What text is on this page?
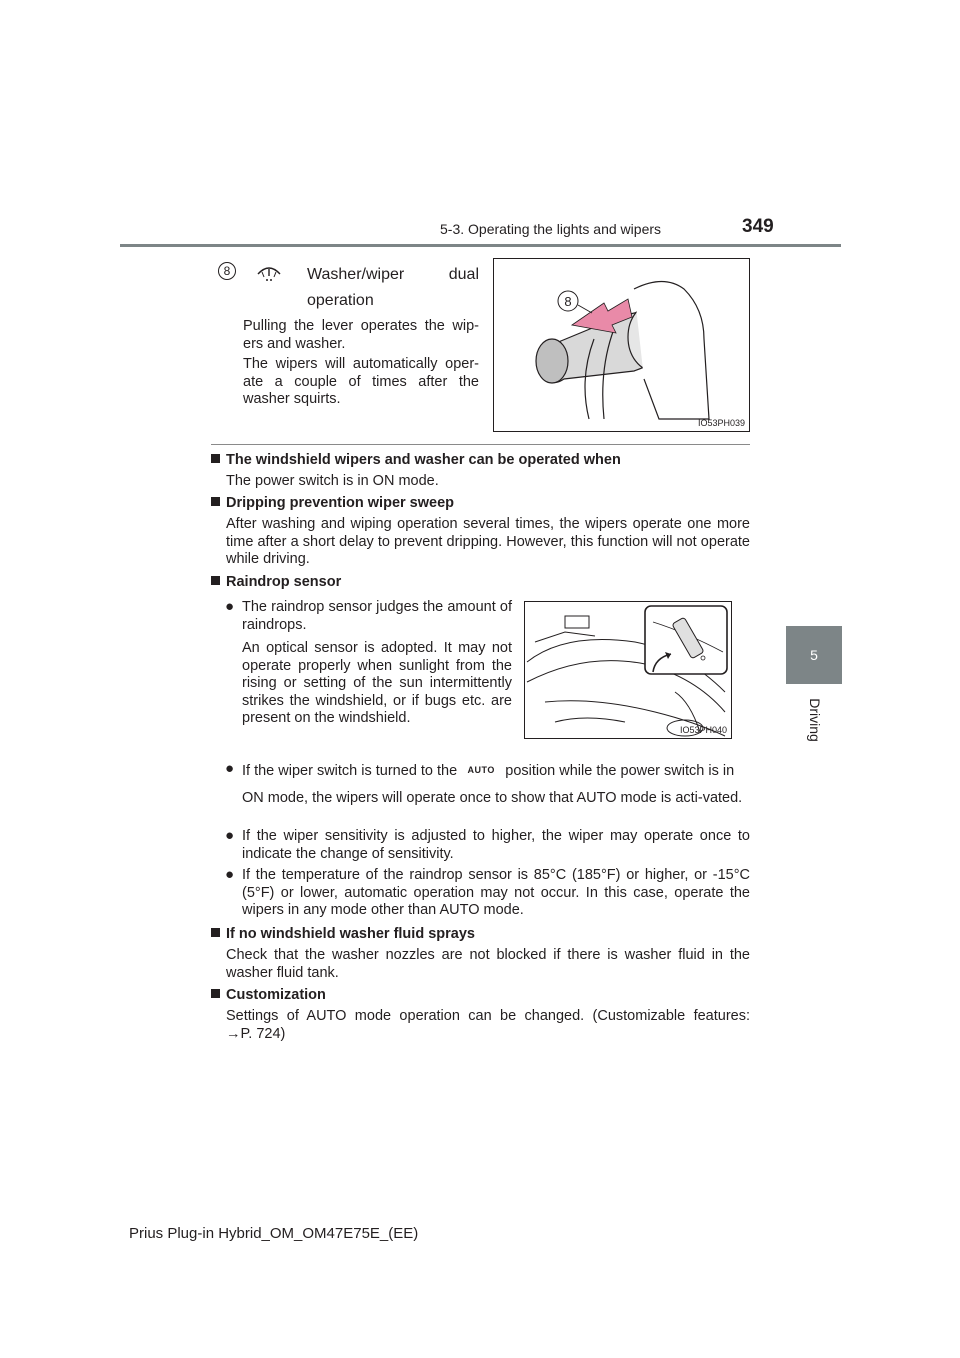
5-3. Operating the lights and wipers	349
5
Driving
8	Washer/wiper dual operation
Pulling the lever operates the wip-ers and washer.
The wipers will automatically oper-ate a couple of times after the washer squirts.
8
IO53PH039
The windshield wipers and washer can be operated when
The power switch is in ON mode.
Dripping prevention wiper sweep
After washing and wiping operation several times, the wipers operate one more time after a short delay to prevent dripping. However, this function will not operate while driving.
Raindrop sensor
● The raindrop sensor judges the amount of raindrops.
An optical sensor is adopted. It may not operate properly when sunlight from the rising or setting of the sun intermittently strikes the windshield, or if bugs etc. are present on the windshield.
IO53PH040
● If the wiper switch is turned to the AUTO position while the power switch is in
ON mode, the wipers will operate once to show that AUTO mode is acti-vated.
● If the wiper sensitivity is adjusted to higher, the wiper may operate once to indicate the change of sensitivity.
● If the temperature of the raindrop sensor is 85°C (185°F) or higher, or -15°C (5°F) or lower, automatic operation may not occur. In this case, operate the wipers in any mode other than AUTO mode.
If no windshield washer fluid sprays
Check that the washer nozzles are not blocked if there is washer fluid in the washer fluid tank.
Customization
Settings of AUTO mode operation can be changed. (Customizable features:
→P. 724)
Prius Plug-in Hybrid_OM_OM47E75E_(EE)
